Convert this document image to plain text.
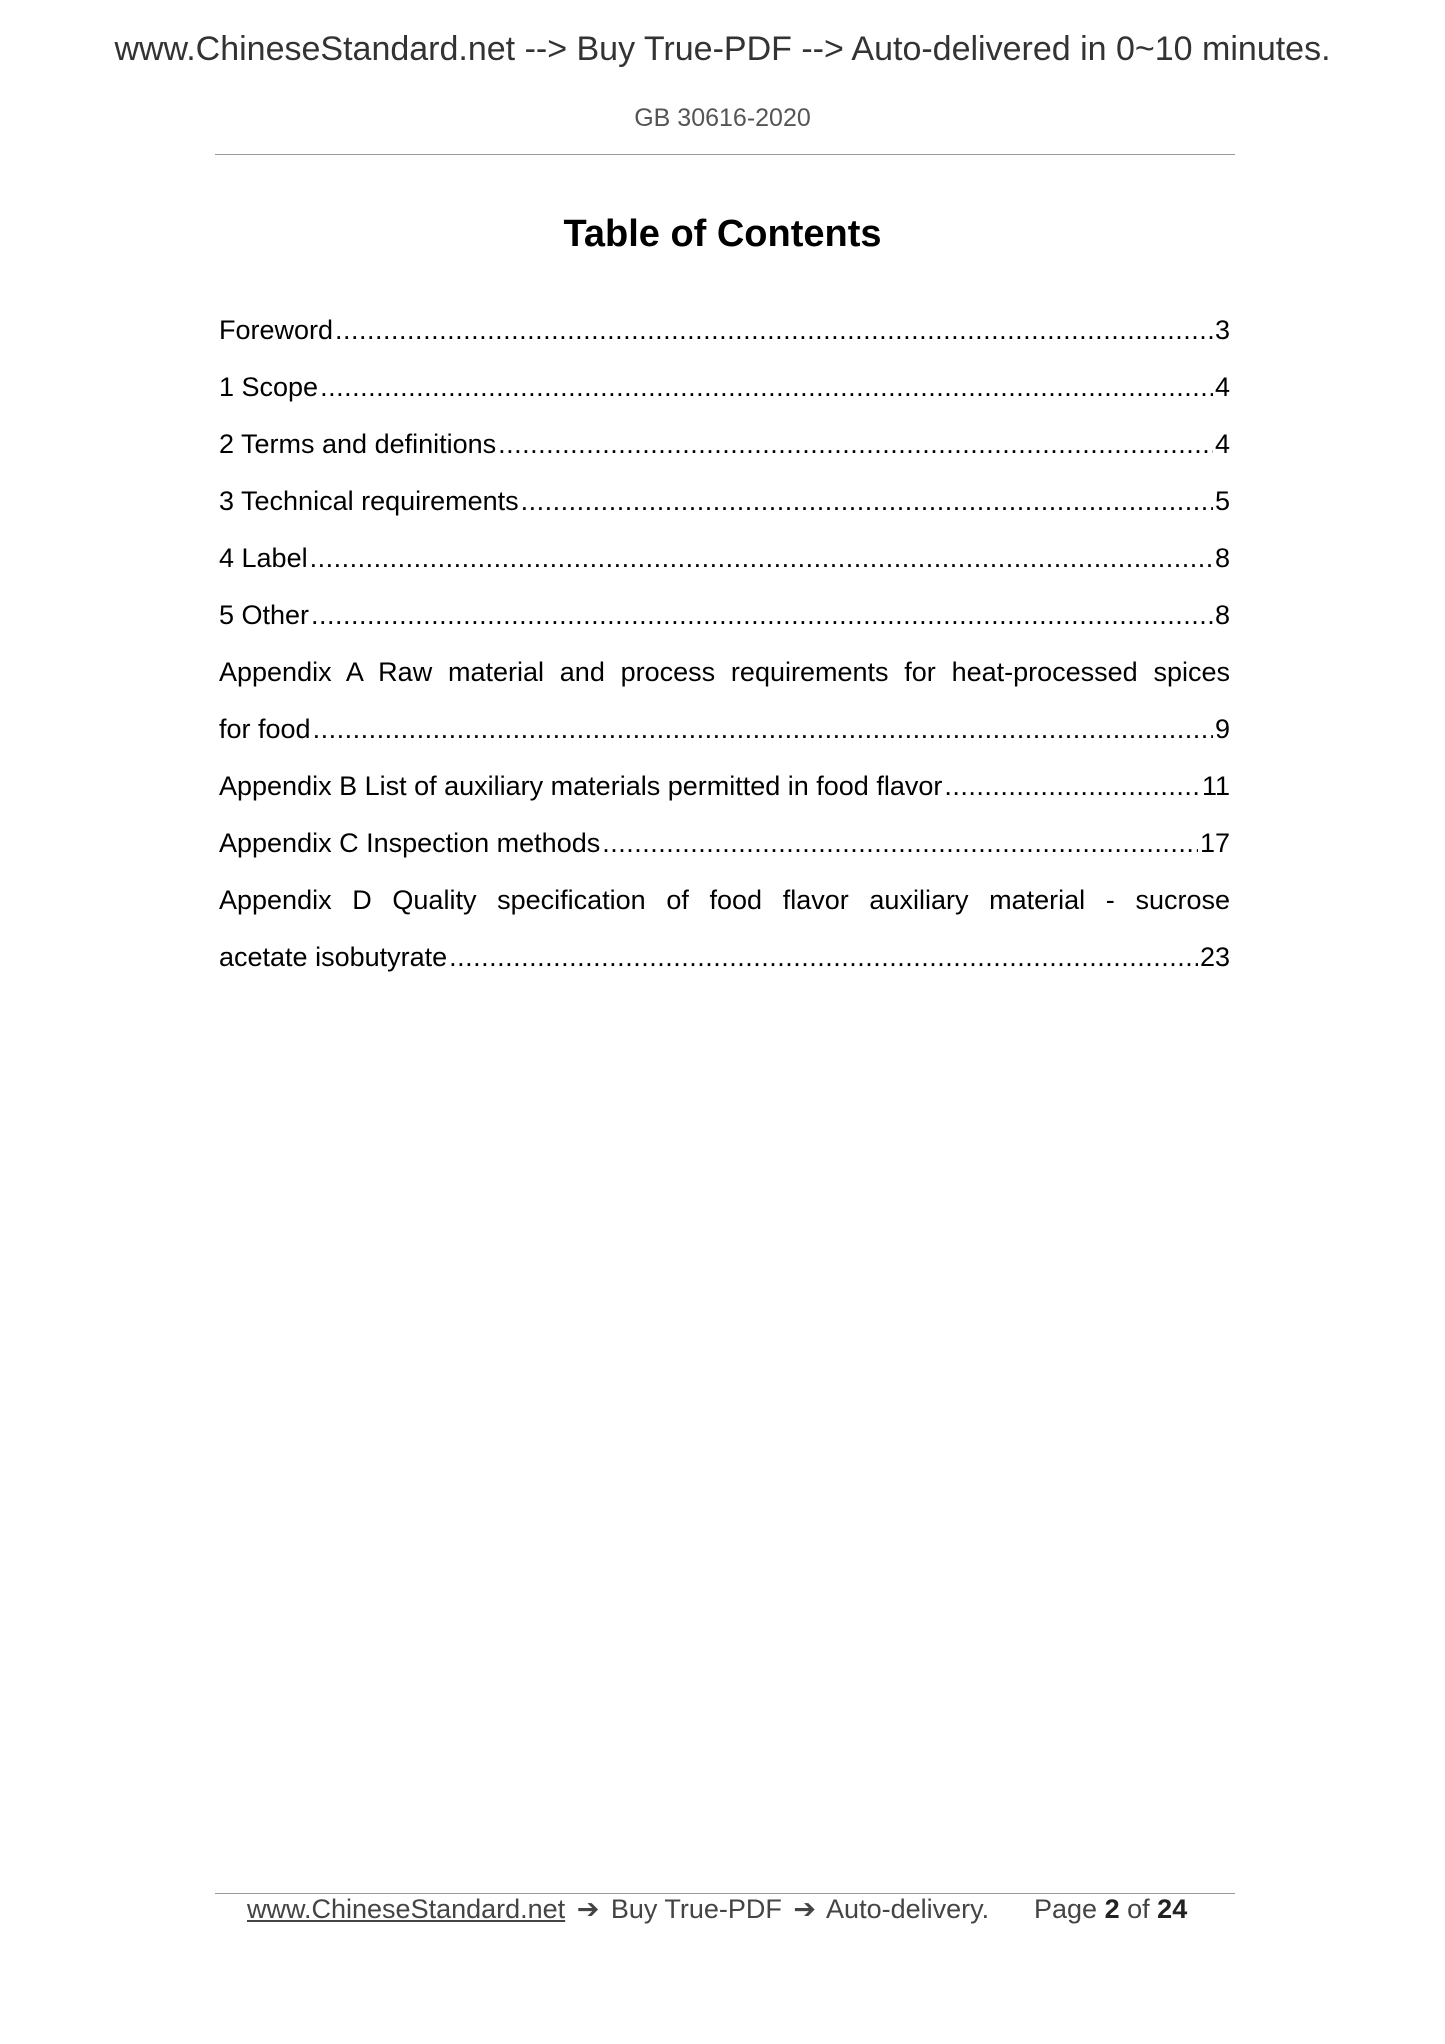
www.ChineseStandard.net --> Buy True-PDF --> Auto-delivered in 0~10 minutes.
GB 30616-2020
Table of Contents
Foreword .....	3
1 Scope .....	4
2 Terms and definitions .....	4
3 Technical requirements .....	5
4 Label .....	8
5 Other .....	8
Appendix A Raw material and process requirements for heat-processed spices
for food .....	9
Appendix B List of auxiliary materials permitted in food flavor .....	11
Appendix C Inspection methods .....	17
Appendix D Quality specification of food flavor auxiliary material - sucrose
acetate isobutyrate .....	23
www.ChineseStandard.net ➔ Buy True-PDF ➔ Auto-delivery. Page 2 of 24
